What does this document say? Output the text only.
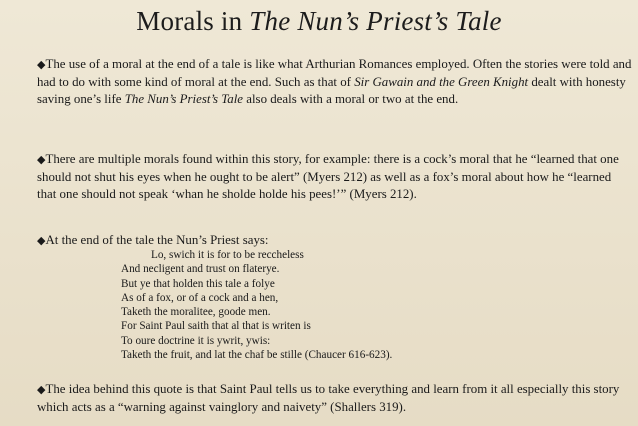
Morals in The Nun’s Priest’s Tale

◆The use of a moral at the end of a tale is like what Arthurian Romances employed. Often the stories were told and had to do with some kind of moral at the end. Such as that of Sir Gawain and the Green Knight dealt with honesty saving one’s life The Nun’s Priest’s Tale also deals with a moral or two at the end.

◆There are multiple morals found within this story, for example: there is a cock’s moral that he “learned that one should not shut his eyes when he ought to be alert” (Myers 212) as well as a fox’s moral about how he “learned that one should not speak ‘whan he sholde holde his pees!’” (Myers 212).

◆At the end of the tale the Nun’s Priest says:

Lo, swich it is for to be reccheless
And necligent and trust on flaterye.
But ye that holden this tale a folye
As of a fox, or of a cock and a hen,
Taketh the moralitee, goode men.
For Saint Paul saith that al that is writen is
To oure doctrine it is ywrit, ywis:
Taketh the fruit, and lat the chaf be stille (Chaucer 616-623).

◆The idea behind this quote is that Saint Paul tells us to take everything and learn from it all especially this story which acts as a “warning against vainglory and naivety” (Shallers 319).
